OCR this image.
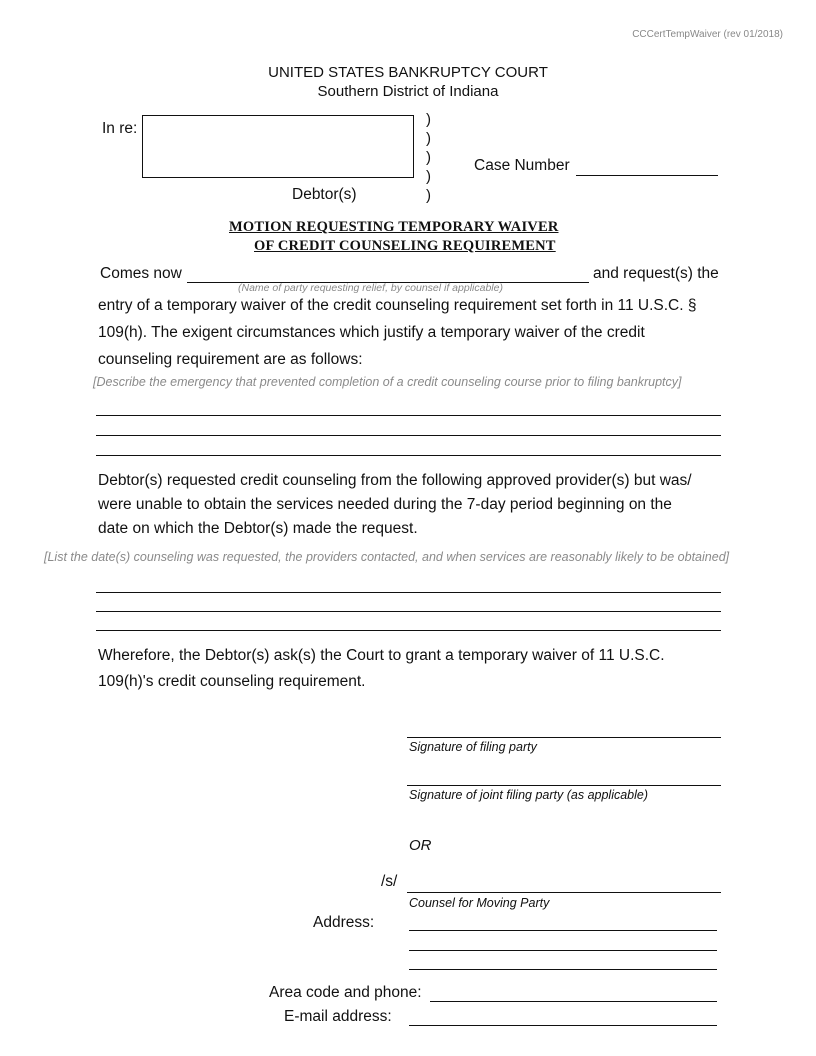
CCCertTempWaiver (rev 01/2018)
UNITED STATES BANKRUPTCY COURT
Southern District of Indiana
In re:
Debtor(s)
)
)
)
)
)
Case Number
MOTION REQUESTING TEMPORARY WAIVER
OF CREDIT COUNSELING REQUIREMENT
Comes now
(Name of party requesting relief, by counsel if applicable)
and request(s) the
entry of a temporary waiver of the credit counseling requirement set forth in 11 U.S.C. §
109(h). The exigent circumstances which justify a temporary waiver of the credit
counseling requirement are as follows:
[Describe the emergency that prevented completion of a credit counseling course prior to filing bankruptcy]
Debtor(s) requested credit counseling from the following approved provider(s) but was/
were unable to obtain the services needed during the 7-day period beginning on the
date on which the Debtor(s) made the request.
[List the date(s) counseling was requested, the providers contacted, and when services are reasonably likely to be obtained]
Wherefore, the Debtor(s) ask(s) the Court to grant a temporary waiver of 11 U.S.C.
109(h)'s credit counseling requirement.
Signature of filing party
Signature of joint filing party (as applicable)
OR
/s/
Counsel for Moving Party
Address:
Area code and phone:
E-mail address:
